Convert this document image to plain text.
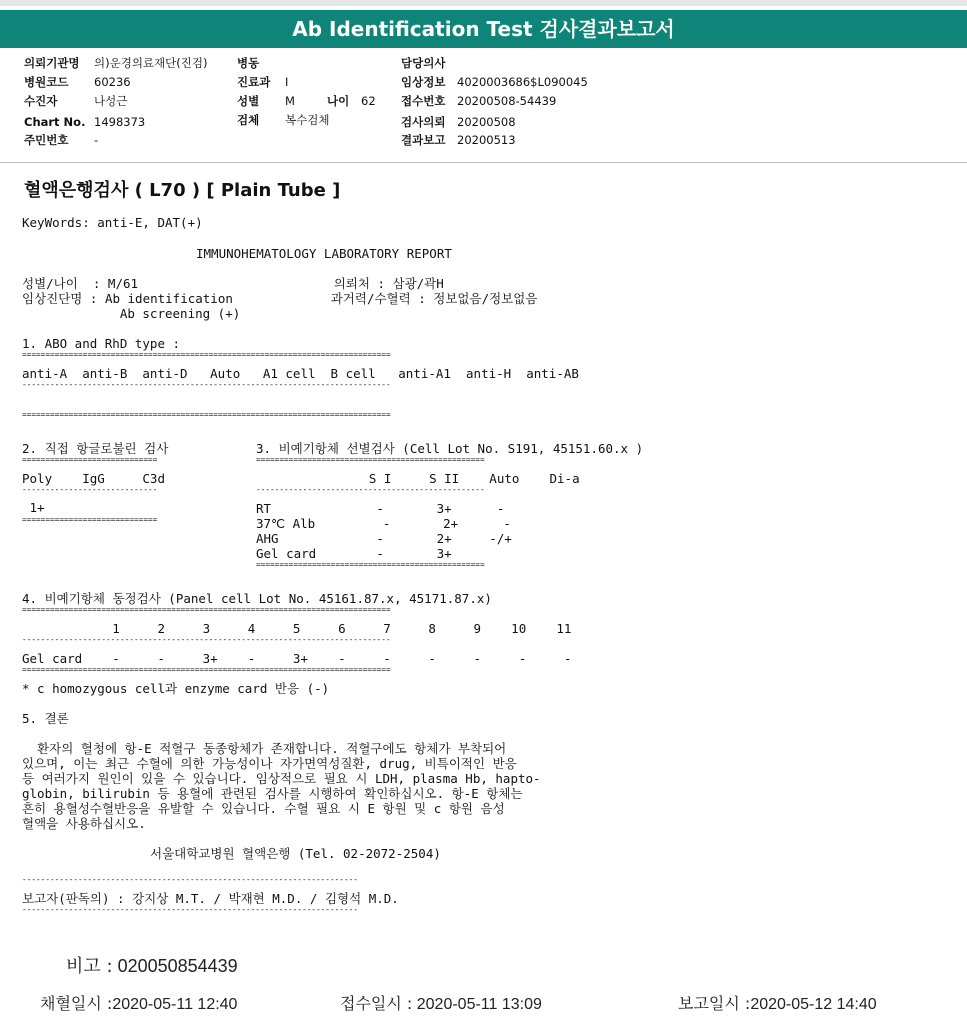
Ab Identification Test 검사결과보고서
의뢰기관명 의)운경의료재단(진검)
병원코드 60236
수진자	나성근
Chart No. 1498373
주민번호 -
병동
진료과 I
성별 M	나이 62
검체 복수검체
담당의사
임상정보 4020003686$L090045
접수번호 20200508-54439
검사의뢰 20200508
결과보고 20200513
혈액은행검사 ( L70 ) [ Plain Tube ]
KeyWords: anti-E, DAT(+)
IMMUNOHEMATOLOGY LABORATORY REPORT
성별/나이  : M/61                          의뢰처 : 삼광/곽H
임상진단명 : Ab identification             과거력/수혈력 : 정보없음/정보없음
Ab screening (+)
1. ABO and RhD type :
===============================================================================
anti-A  anti-B  anti-D   Auto   A1 cell  B cell   anti-A1  anti-H  anti-AB
-------------------------------------------------------------------------------
===============================================================================
2. 직접 항글로불린 검사
=============================
Poly    IgG     C3d
-----------------------------
1+
=============================
3. 비예기항체 선별검사 (Cell Lot No. S191, 45151.60.x )
=================================================
S I     S II    Auto    Di-a
-------------------------------------------------
RT              -       3+      -
37℃ Alb         -       2+      -
AHG             -       2+     -/+
Gel card        -       3+
=================================================
4. 비예기항체 동정검사 (Panel cell Lot No. 45161.87.x, 45171.87.x)
===============================================================================
1     2     3     4     5     6     7     8     9    10    11
-------------------------------------------------------------------------------
Gel card    -     -     3+    -     3+    -     -     -     -     -     -
===============================================================================
* c homozygous cell과 enzyme card 반응 (-)
5. 결론
환자의 혈청에 항-E 적혈구 동종항체가 존재합니다. 적혈구에도 항체가 부착되어
있으며, 이는 최근 수혈에 의한 가능성이나 자가면역성질환, drug, 비특이적인 반응
등 여러가지 원인이 있을 수 있습니다. 임상적으로 필요 시 LDH, plasma Hb, hapto-
globin, bilirubin 등 용혈에 관련된 검사를 시행하여 확인하십시오. 항-E 항체는
흔히 용혈성수혈반응을 유발할 수 있습니다. 수혈 필요 시 E 항원 및 c 항원 음성
혈액을 사용하십시오.
서울대학교병원 혈액은행 (Tel. 02-2072-2504)
------------------------------------------------------------------------
보고자(판독의) : 강지상 M.T. / 박재현 M.D. / 김형석 M.D.
------------------------------------------------------------------------
비고 : 020050854439
채혈일시 :2020-05-11 12:40	접수일시 : 2020-05-11 13:09	보고일시 :2020-05-12 14:40
